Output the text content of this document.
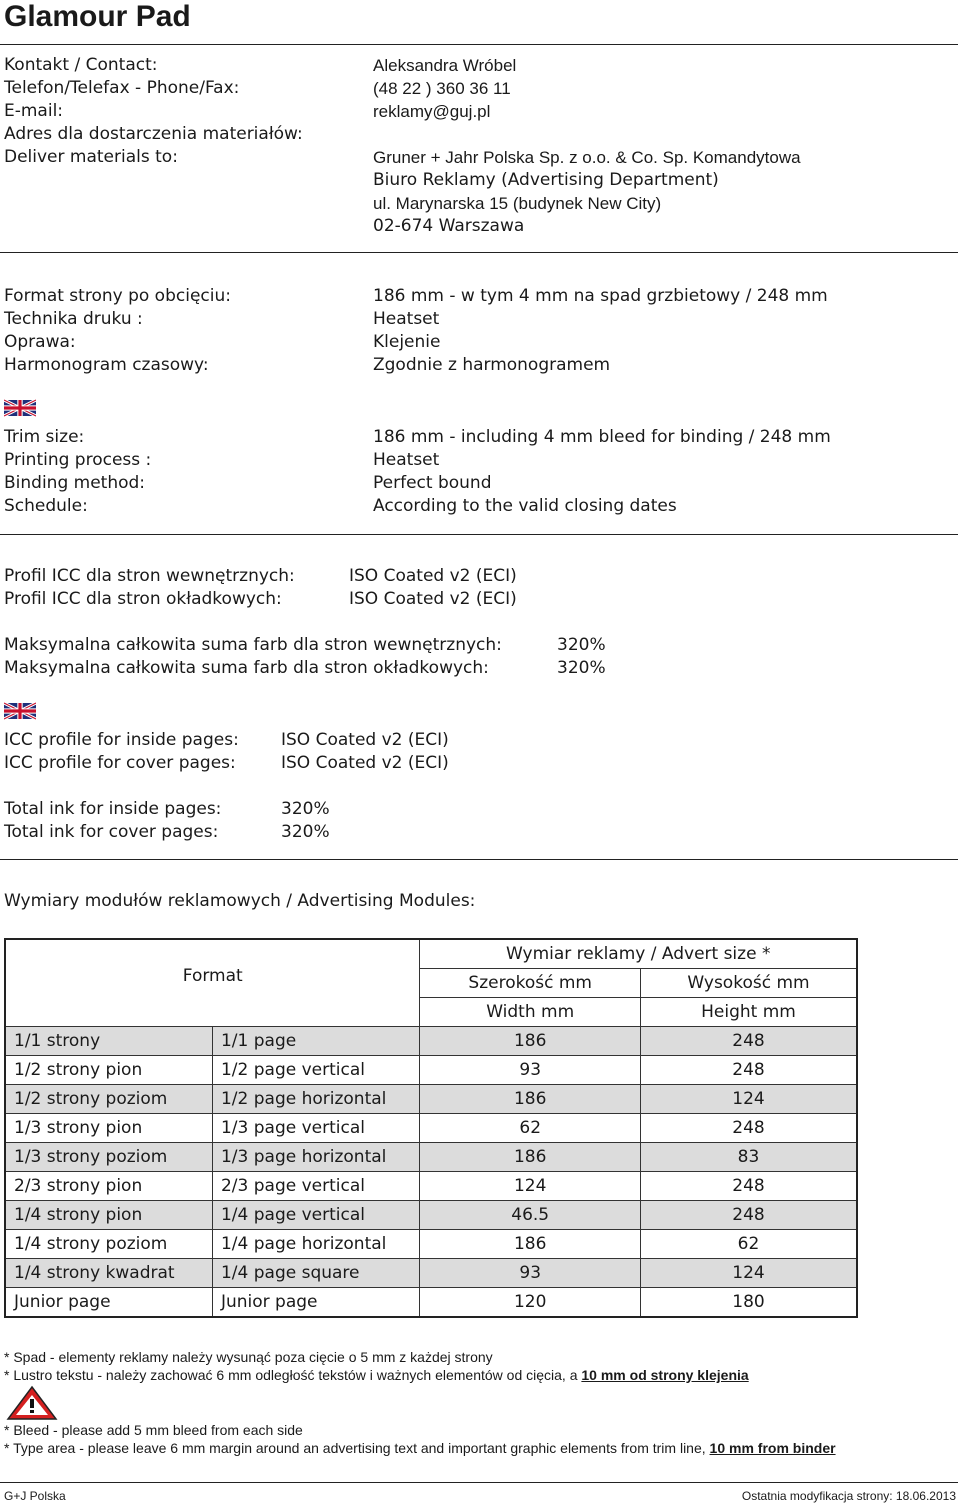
Glamour Pad
Kontakt / Contact:	Aleksandra Wróbel
Telefon/Telefax - Phone/Fax:	(48 22 ) 360 36 11
E-mail:	reklamy@guj.pl
Adres dla dostarczenia materiałów:
Deliver materials to:	Gruner + Jahr Polska Sp. z o.o. & Co. Sp. Komandytowa
Biuro Reklamy (Advertising Department)
ul. Marynarska 15 (budynek New City)
02-674 Warszawa
Format strony po obcięciu:	186 mm - w tym 4 mm na spad grzbietowy / 248 mm
Technika druku :	Heatset
Oprawa:	Klejenie
Harmonogram czasowy:	Zgodnie z harmonogramem
Trim size:	186 mm - including 4 mm bleed for binding / 248 mm
Printing process :	Heatset
Binding method:	Perfect bound
Schedule:	According to the valid closing dates
Profil ICC dla stron wewnętrznych:	ISO Coated v2 (ECI)
Profil ICC dla stron okładkowych:	ISO Coated v2 (ECI)
Maksymalna całkowita suma farb dla stron wewnętrznych:	320%
Maksymalna całkowita suma farb dla stron okładkowych:	320%
ICC profile for inside pages: ISO Coated v2 (ECI)
ICC profile for cover pages:	ISO Coated v2 (ECI)
Total ink for inside pages:	320%
Total ink for cover pages:	320%
Wymiary modułów reklamowych / Advertising Modules:
Format		Wymiar reklamy / Advert size *	
		Szerokość mm	Wysokość mm
		Width mm	Height mm
1/1 strony	1/1 page	186	248
1/2 strony pion	1/2 page vertical	93	248
1/2 strony poziom	1/2 page horizontal	186	124
1/3 strony pion	1/3 page vertical	62	248
1/3 strony poziom	1/3 page horizontal	186	83
2/3 strony pion	2/3 page vertical	124	248
1/4 strony pion	1/4 page vertical	46.5	248
1/4 strony poziom	1/4 page horizontal	186	62
1/4 strony kwadrat	1/4 page square	93	124
Junior page	Junior page	120	180
* Spad - elementy reklamy należy wysunąć poza cięcie o 5 mm z każdej strony
* Lustro tekstu - należy zachować 6 mm odległość tekstów i ważnych elementów od cięcia, a 10 mm od strony klejenia
* Bleed - please add 5 mm bleed from each side
* Type area - please leave 6 mm margin around an advertising text and important graphic elements from trim line, 10 mm from binder
G+J Polska	Ostatnia modyfikacja strony: 18.06.2013
